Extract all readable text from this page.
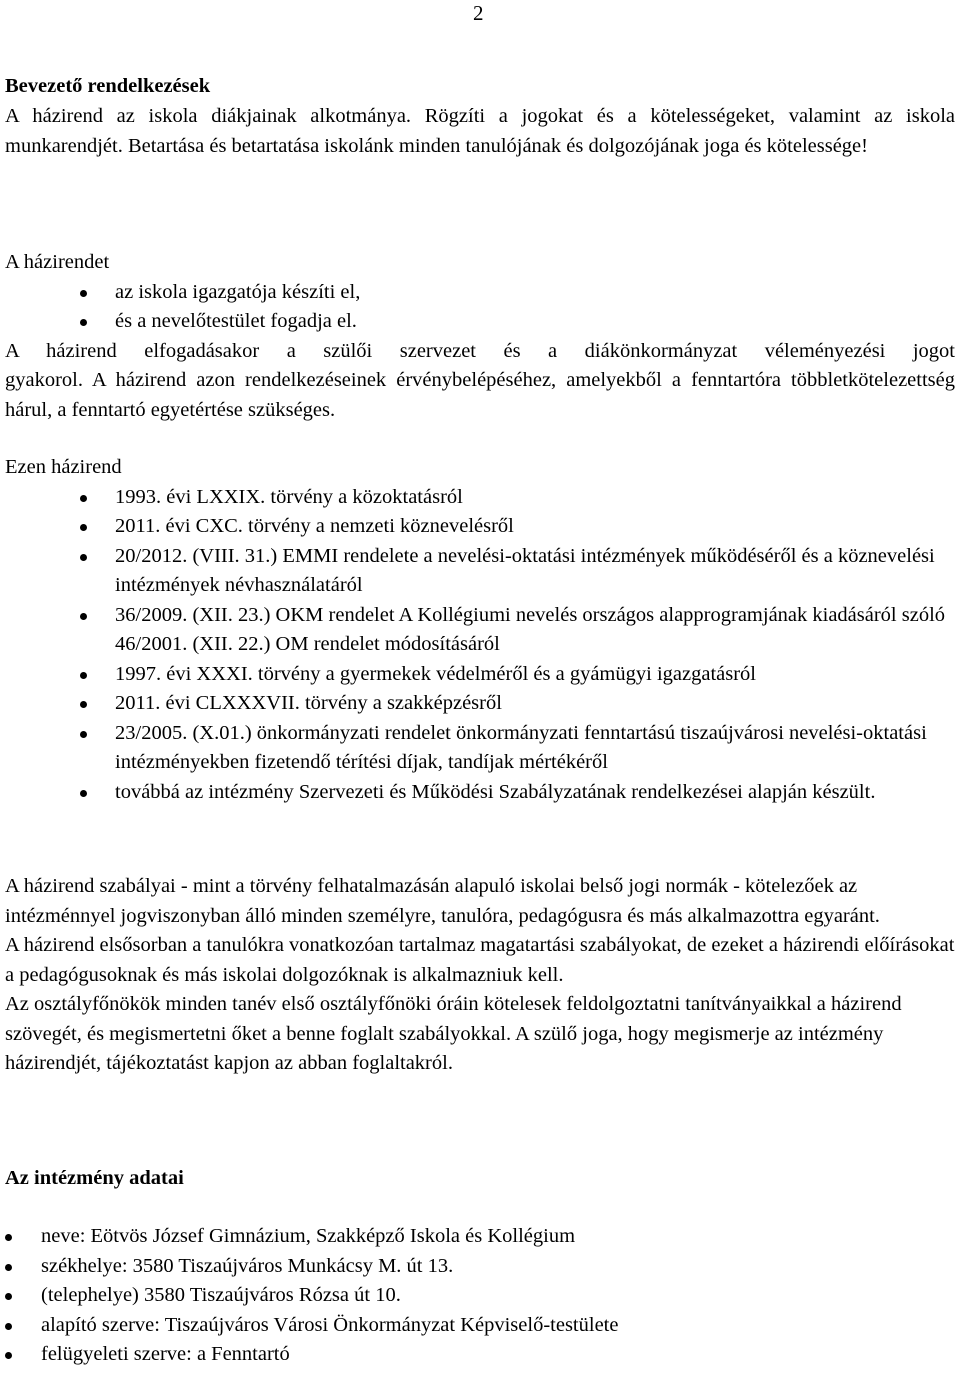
2
Bevezető rendelkezések

A házirend az iskola diákjainak alkotmánya. Rögzíti a jogokat és a kötelességeket, valamint az iskola munkarendjét. Betartása és betartatása iskolánk minden tanulójának és dolgozójának joga és kötelessége!

A házirendet

az iskola igazgatója készíti el,
és a nevelőtestület fogadja el.

A házirend elfogadásakor a szülői szervezet és a diákönkormányzat véleményezési jogot

gyakorol. A házirend azon rendelkezéseinek érvénybelépéséhez, amelyekből a fenntartóra többletkötelezettség hárul, a fenntartó egyetértése szükséges.

Ezen házirend

1993. évi LXXIX. törvény a közoktatásról
2011. évi CXC. törvény a nemzeti köznevelésről
20/2012. (VIII. 31.) EMMI rendelete a nevelési-oktatási intézmények működéséről és a köznevelési intézmények névhasználatáról
36/2009. (XII. 23.) OKM rendelet A Kollégiumi nevelés országos alapprogramjának kiadásáról szóló 46/2001. (XII. 22.) OM rendelet módosításáról
1997. évi XXXI. törvény a gyermekek védelméről és a gyámügyi igazgatásról
2011. évi CLXXXVII. törvény a szakképzésről
23/2005. (X.01.) önkormányzati rendelet önkormányzati fenntartású tiszaújvárosi nevelési-oktatási intézményekben fizetendő térítési díjak, tandíjak mértékéről
továbbá az intézmény Szervezeti és Működési Szabályzatának rendelkezései alapján készült.

A házirend szabályai - mint a törvény felhatalmazásán alapuló iskolai belső jogi normák - kötelezőek az intézménnyel jogviszonyban álló minden személyre, tanulóra, pedagógusra és más alkalmazottra egyaránt.

A házirend elsősorban a tanulókra vonatkozóan tartalmaz magatartási szabályokat, de ezeket a házirendi előírásokat a pedagógusoknak és más iskolai dolgozóknak is alkalmazniuk kell.

Az osztályfőnökök minden tanév első osztályfőnöki óráin kötelesek feldolgoztatni tanítványaikkal a házirend szövegét, és megismertetni őket a benne foglalt szabályokkal. A szülő joga, hogy megismerje az intézmény házirendjét, tájékoztatást kapjon az abban foglaltakról.

Az intézmény adatai
neve: Eötvös József Gimnázium, Szakképző Iskola és Kollégium
székhelye: 3580 Tiszaújváros Munkácsy M. út 13.
(telephelye) 3580 Tiszaújváros Rózsa út 10.
alapító szerve: Tiszaújváros Városi Önkormányzat Képviselő-testülete
felügyeleti szerve: a Fenntartó
